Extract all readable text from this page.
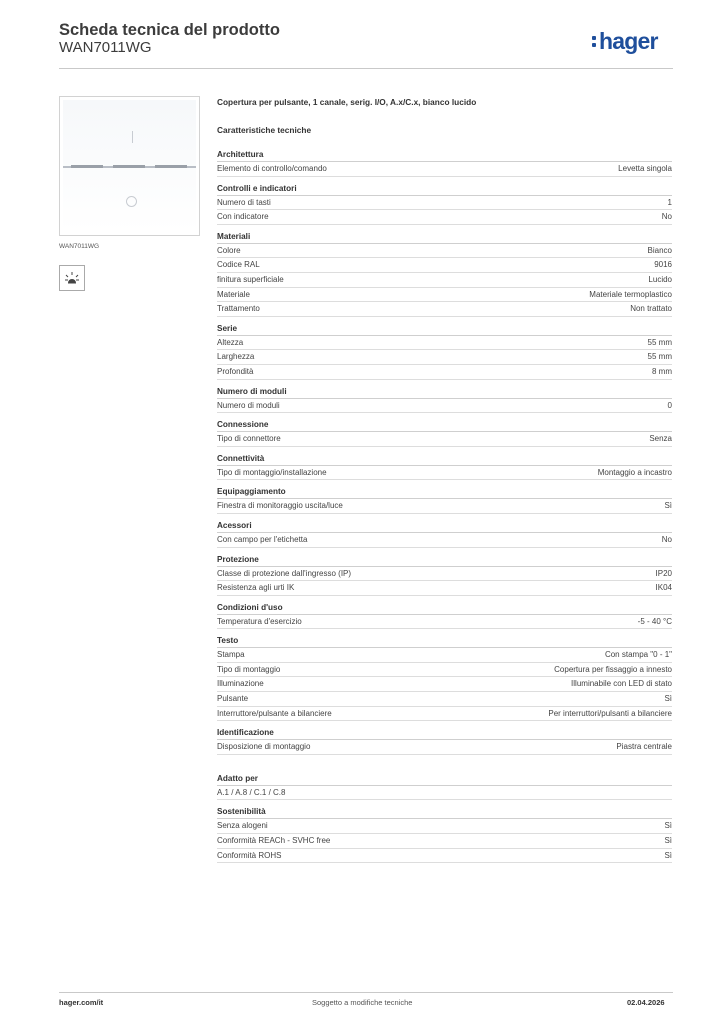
Scheda tecnica del prodotto
WAN7011WG	hager
WAN7011WG
Copertura per pulsante, 1 canale, serig. I/O, A.x/C.x, bianco lucido
Caratteristiche tecniche
Architettura
Elemento di controllo/comando	Levetta singola
Controlli e indicatori
Numero di tasti	1
Con indicatore	No
Materiali
Colore	Bianco
Codice RAL	9016
finitura superficiale	Lucido
Materiale	Materiale termoplastico
Trattamento	Non trattato
Serie
Altezza	55 mm
Larghezza	55 mm
Profondità	8 mm
Numero di moduli
Numero di moduli	0
Connessione
Tipo di connettore	Senza
Connettività
Tipo di montaggio/installazione	Montaggio a incastro
Equipaggiamento
Finestra di monitoraggio uscita/luce	Sì
Acessori
Con campo per l'etichetta	No
Protezione
Classe di protezione dall'ingresso (IP)	IP20
Resistenza agli urti IK	IK04
Condizioni d'uso
Temperatura d'esercizio	-5 - 40 °C
Testo
Stampa	Con stampa "0 - 1"
Tipo di montaggio	Copertura per fissaggio a innesto
Illuminazione	Illuminabile con LED di stato
Pulsante	Sì
Interruttore/pulsante a bilanciere	Per interruttori/pulsanti a bilanciere
Identificazione
Disposizione di montaggio	Piastra centrale
Adatto per
A.1 / A.8 / C.1 / C.8
Sostenibilità
Senza alogeni	Sì
Conformità REACh - SVHC free	Sì
Conformità ROHS	Sì
hager.com/it	Soggetto a modifiche tecniche	02.04.2026
